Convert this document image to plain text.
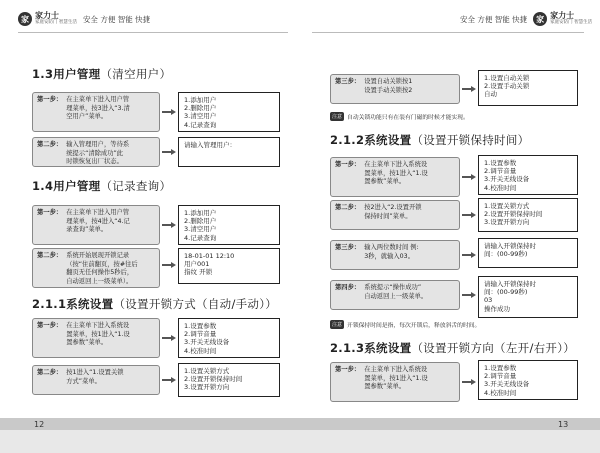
家 家力士
家庭安防门 智慧生活 安全 方便 智能 快捷
1.3用户管理（清空用户）
第一步： 在主菜单下进入用户管
理菜单，按3进入“3.清
空用户”菜单。
1.添加用户
2.删除用户
3.清空用户
4.记录查询
第二步： 输入管理用户，等待系
统提示“清除成功”此
时锁恢复出厂状态。
请输入管理用户：
1.4用户管理（记录查询）
第一步： 在主菜单下进入用户管
理菜单，按4进入“4.记
录查询”菜单。
1.添加用户
2.删除用户
3.清空用户
4.记录查询
第二步： 系统开始展现开锁记录
（按“住前翻页，按#往后
翻页无任何操作5秒后，
自动返回上一级菜单）。
18-01-01 12:10
用户001
指纹 开锁
2.1.1系统设置（设置开锁方式（自动/手动））
第一步： 在主菜单下进入系统设
置菜单，按1进入“1.设
置参数”菜单。
1.设置参数
2.调节音量
3.开关无线设备
4.校准时间
第二步： 按1进入“1.设置关锁
方式”菜单。
1.设置关锁方式
2.设置开锁保持时间
3.设置开锁方向
12
安全 方便 智能 快捷	家 家力士
家庭安防门 智慧生活
第三步： 设置自动关锁按1
设置手动关锁按2
1.设置自动关锁
2.设置手动关锁
自动
注意 自动关锁功能只有在装有门磁的时候才能实现。
2.1.2系统设置（设置开锁保持时间）
第一步： 在主菜单下进入系统设
置菜单，按1进入“1.设
置参数”菜单。
1.设置参数
2.调节音量
3.开关无线设备
4.校准时间
第二步： 按2进入“2.设置开锁
保持时间”菜单。
1.设置关锁方式
2.设置开锁保持时间
3.设置开锁方向
第三步： 输入两位数时间 例:
3秒，就输入03。
请输入开锁保持时
间：(00-99秒)
第四步： 系统提示“操作成功”
自动返回上一级菜单。
请输入开锁保持时
间：(00-99秒)
03
操作成功
注意 开锁保持时间是指，每次开锁后，释放斜舌的时间。
2.1.3系统设置（设置开锁方向（左开/右开））
第一步： 在主菜单下进入系统设
置菜单，按1进入“1.设
置参数”菜单。
1.设置参数
2.调节音量
3.开关无线设备
4.校准时间
13
